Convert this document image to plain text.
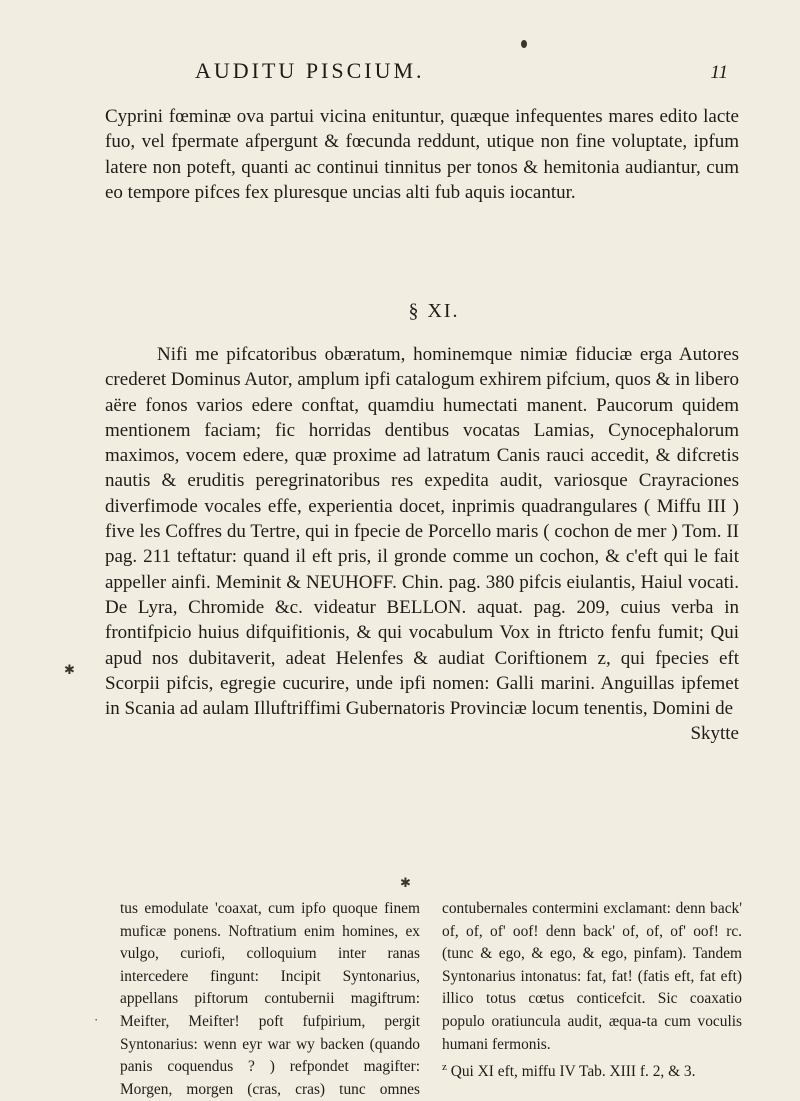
AUDITU PISCIUM.	11
Cyprini fœminæ ova partui vicina enituntur, quæque infequentes mares edito lacte fuo, vel fpermate afpergunt & fœcunda reddunt, utique non fine voluptate, ipfum latere non poteft, quanti ac continui tinnitus per tonos & hemitonia audiantur, cum eo tempore pifces fex pluresque uncias alti fub aquis iocantur.
§ XI.
Nifi me pifcatoribus obæratum, hominemque nimiæ fiduciæ erga Autores crederet Dominus Autor, amplum ipfi catalogum exhirem pifcium, quos & in libero aëre fonos varios edere conftat, quamdiu humectati manent. Paucorum quidem mentionem faciam; fic horridas dentibus vocatas Lamias, Cynocephalorum maximos, vocem edere, quæ proxime ad latratum Canis rauci accedit, & difcretis nautis & eruditis peregrinatoribus res expedita audit, variosque Crayraciones diverfimode vocales effe, experientia docet, inprimis quadrangulares ( Miffu III ) five les Coffres du Tertre, qui in fpecie de Porcello maris ( cochon de mer ) Tom. II pag. 211 teftatur: quand il eft pris, il gronde comme un cochon, & c'eft qui le fait appeller ainfi. Meminit & NEUHOFF. Chin. pag. 380 pifcis eiulantis, Haiul vocati. De Lyra, Chromide &c. videatur BELLON. aquat. pag. 209, cuius verba in frontifpicio huius difquifitionis, & qui vocabulum Vox in ftricto fenfu fumit; Qui apud nos dubitaverit, adeat Helenfes & audiat Coriftionem z, qui fpecies eft Scorpii pifcis, egregie cucurire, unde ipfi nomen: Galli marini. Anguillas ipfemet in Scania ad aulam Illuftriffimi Gubernatoris Provinciæ locum tenentis, Domini de
Skytte
✱
✱
·
tus emodulate 'coaxat, cum ipfo quoque finem muficæ ponens. Noftratium enim homines, ex vulgo, curiofi, colloquium inter ranas intercedere fingunt: Incipit Syntonarius, appellans piftorum contubernii magiftrum: Meifter, Meifter! poft fufpirium, pergit Syntonarius: wenn eyr war wy backen (quando panis coquendus ? ) refpondet magifter: Morgen, morgen (cras, cras) tunc omnes contubernales contermini exclamant: denn back' of, of, of' oof! denn back' of, of, of' oof! rc. (tunc & ego, & ego, & ego, pinfam). Tandem Syntonarius intonatus: fat, fat! (fatis eft, fat eft) illico totus cœtus conticefcit. Sic coaxatio populo oratiuncula audit, æqua-ta cum voculis humani fermonis.
$^z$ Qui XI eft, miffu IV Tab. XIII f. 2, & 3.
